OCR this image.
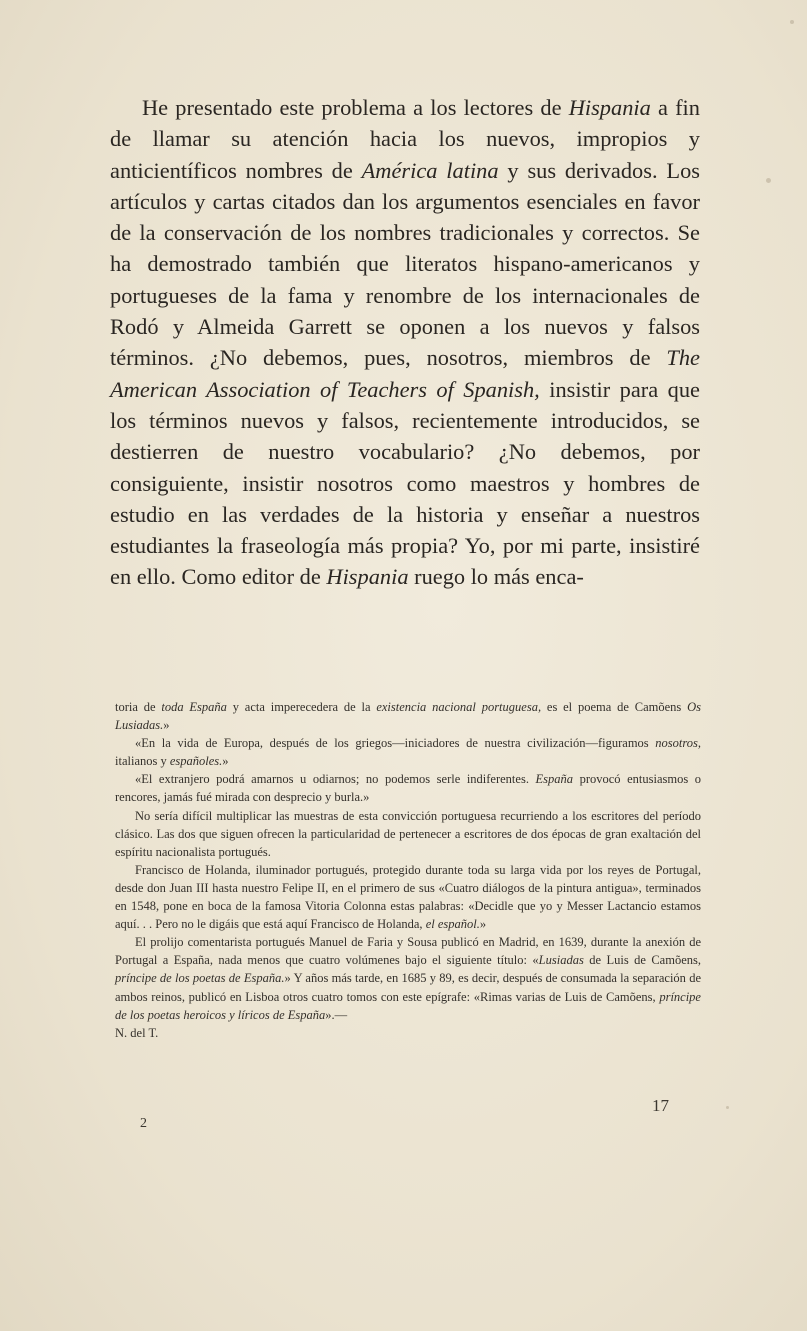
He presentado este problema a los lectores de Hispania a fin de llamar su atención hacia los nuevos, impropios y anticientíficos nombres de América latina y sus derivados. Los artículos y cartas citados dan los argumentos esenciales en favor de la conservación de los nombres tradicionales y correctos. Se ha demostrado también que literatos hispano-americanos y portugueses de la fama y renombre de los internacionales de Rodó y Almeida Garrett se oponen a los nuevos y falsos términos. ¿No debemos, pues, nosotros, miembros de The American Association of Teachers of Spanish, insistir para que los términos nuevos y falsos, recientemente introducidos, se destierren de nuestro vocabulario? ¿No debemos, por consiguiente, insistir nosotros como maestros y hombres de estudio en las verdades de la historia y enseñar a nuestros estudiantes la fraseología más propia? Yo, por mi parte, insistiré en ello. Como editor de Hispania ruego lo más enca-

toria de toda España y acta imperecedera de la existencia nacional portuguesa, es el poema de Camõens Os Lusiadas.»

«En la vida de Europa, después de los griegos—iniciadores de nuestra civilización—figuramos nosotros, italianos y españoles.»

«El extranjero podrá amarnos u odiarnos; no podemos serle indiferentes. España provocó entusiasmos o rencores, jamás fué mirada con desprecio y burla.»

No sería difícil multiplicar las muestras de esta convicción portuguesa recurriendo a los escritores del período clásico. Las dos que siguen ofrecen la particularidad de pertenecer a escritores de dos épocas de gran exaltación del espíritu nacionalista portugués.

Francisco de Holanda, iluminador portugués, protegido durante toda su larga vida por los reyes de Portugal, desde don Juan III hasta nuestro Felipe II, en el primero de sus «Cuatro diálogos de la pintura antigua», terminados en 1548, pone en boca de la famosa Vitoria Colonna estas palabras: «Decidle que yo y Messer Lactancio estamos aquí. . . Pero no le digáis que está aquí Francisco de Holanda, el español.»

El prolijo comentarista portugués Manuel de Faria y Sousa publicó en Madrid, en 1639, durante la anexión de Portugal a España, nada menos que cuatro volúmenes bajo el siguiente título: «Lusiadas de Luis de Camõens, príncipe de los poetas de España.» Y años más tarde, en 1685 y 89, es decir, después de consumada la separación de ambos reinos, publicó en Lisboa otros cuatro tomos con este epígrafe: «Rimas varias de Luis de Camõens, príncipe de los poetas heroicos y líricos de España».—

N. del T.

17
2
